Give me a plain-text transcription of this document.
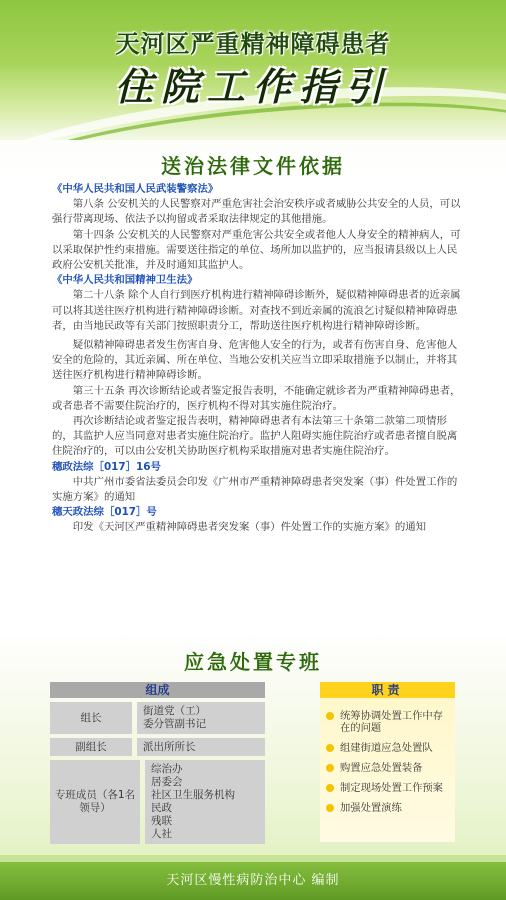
天河区严重精神障碍患者
住院工作指引
送治法律文件依据

《中华人民共和国人民武装警察法》

第八条 公安机关的人民警察对严重危害社会治安秩序或者威胁公共安全的人员，可以强行带离现场、依法予以拘留或者采取法律规定的其他措施。

第十四条 公安机关的人民警察对严重危害公共安全或者他人人身安全的精神病人，可以采取保护性约束措施。需要送往指定的单位、场所加以监护的，应当报请县级以上人民政府公安机关批准，并及时通知其监护人。

《中华人民共和国精神卫生法》

第二十八条 除个人自行到医疗机构进行精神障碍诊断外，疑似精神障碍患者的近亲属可以将其送往医疗机构进行精神障碍诊断。对查找不到近亲属的流浪乞讨疑似精神障碍患者，由当地民政等有关部门按照职责分工，帮助送往医疗机构进行精神障碍诊断。

疑似精神障碍患者发生伤害自身、危害他人安全的行为，或者有伤害自身、危害他人安全的危险的，其近亲属、所在单位、当地公安机关应当立即采取措施予以制止，并将其送往医疗机构进行精神障碍诊断。

第三十五条 再次诊断结论或者鉴定报告表明，不能确定就诊者为严重精神障碍患者，或者患者不需要住院治疗的，医疗机构不得对其实施住院治疗。

再次诊断结论或者鉴定报告表明，精神障碍患者有本法第三十条第二款第二项情形的，其监护人应当同意对患者实施住院治疗。监护人阻碍实施住院治疗或者患者擅自脱离住院治疗的，可以由公安机关协助医疗机构采取措施对患者实施住院治疗。

穗政法综［017］16号

中共广州市委省法委员会印发《广州市严重精神障碍患者突发案（事）件处置工作的实施方案》的通知

穗天政法综［017］号

印发《天河区严重精神障碍患者突发案（事）件处置工作的实施方案》的通知

应急处置专班
组成
组长
街道党（工）
委分管副书记
副组长	派出所所长
专班成员（各1名领导）
综治办
居委会
社区卫生服务机构
民政
残联
人社
职责
统筹协调处置工作中存在的问题
组建街道应急处置队
购置应急处置装备
制定现场处置工作预案
加强处置演练
天河区慢性病防治中心 编制
